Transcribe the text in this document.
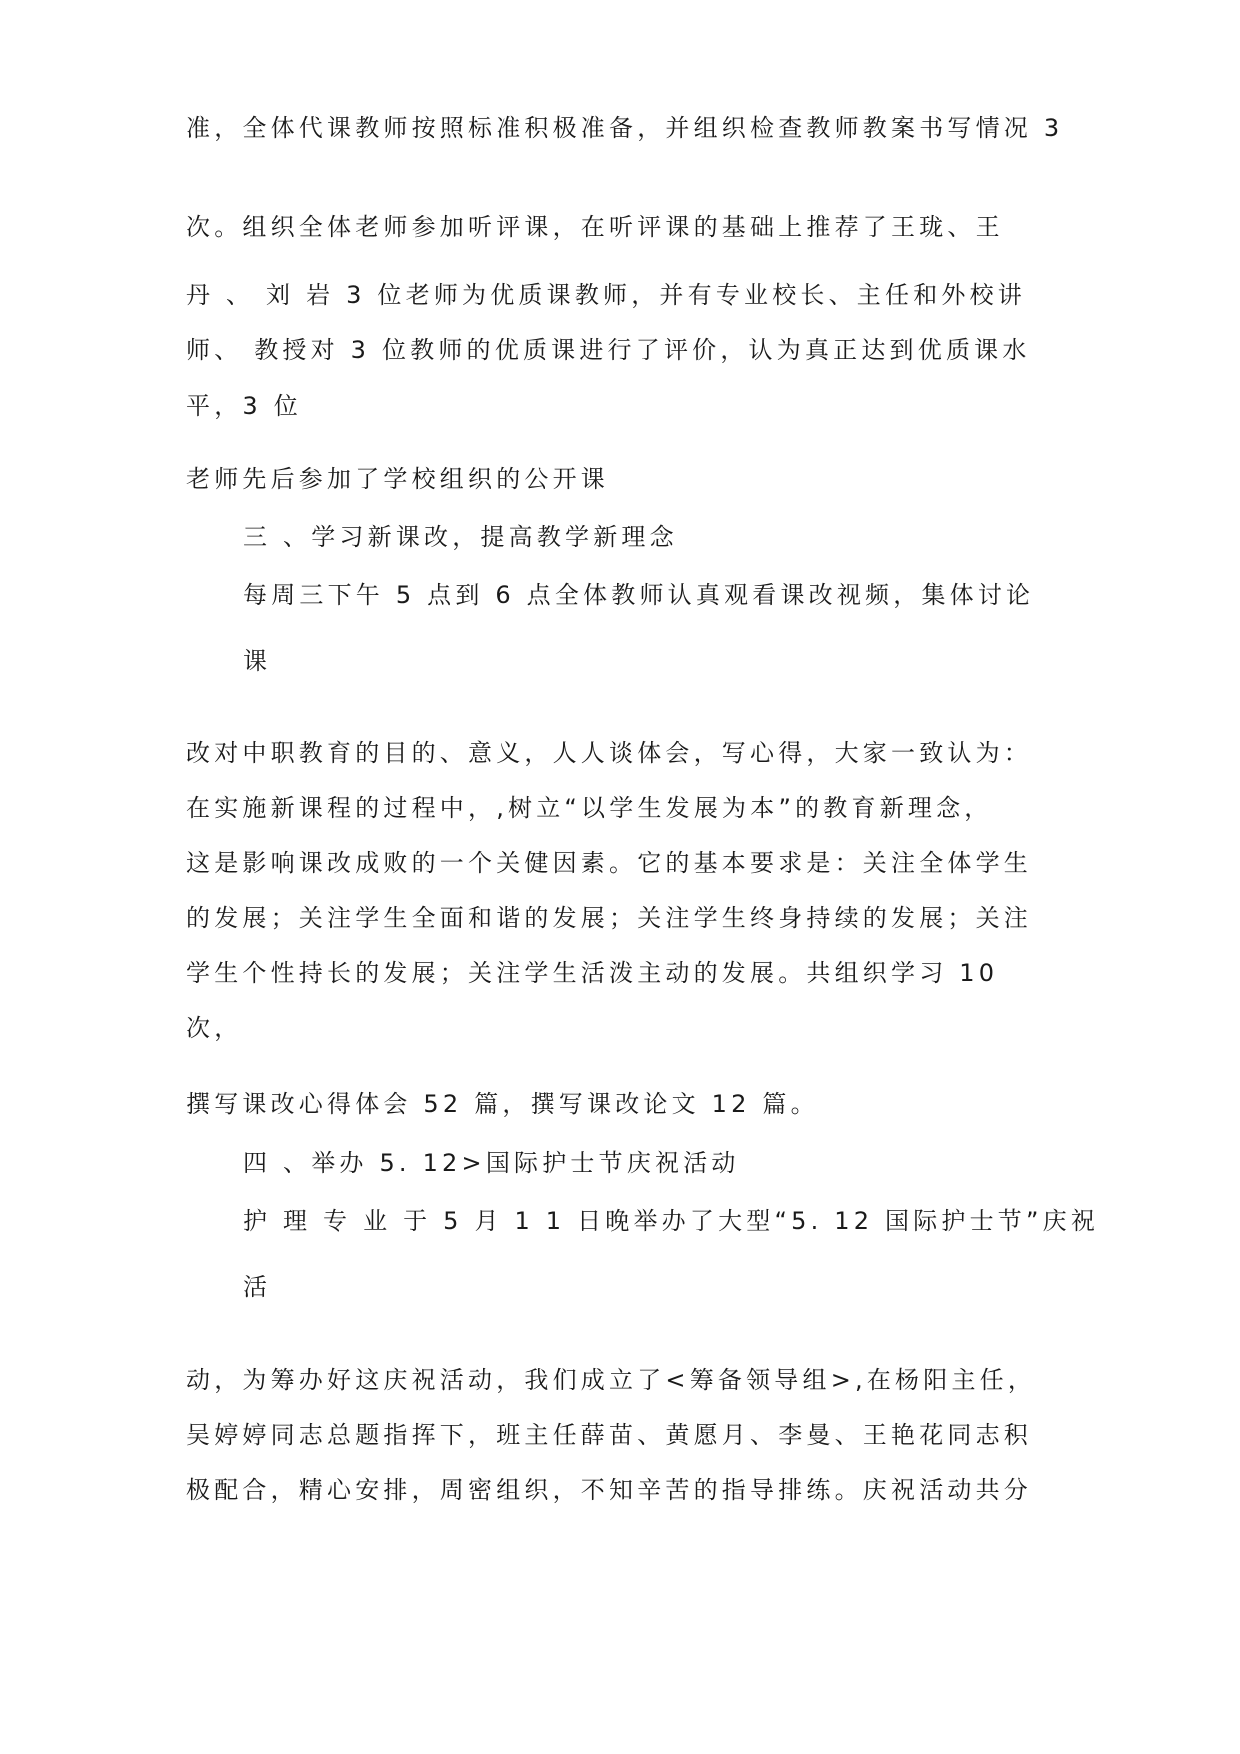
准，全体代课教师按照标准积极准备，并组织检查教师教案书写情况 3
次。组织全体老师参加听评课，在听评课的基础上推荐了王珑、王
丹 、 刘 岩 3 位老师为优质课教师，并有专业校长、主任和外校讲
师、 教授对 3 位教师的优质课进行了评价，认为真正达到优质课水
平，3 位
老师先后参加了学校组织的公开课
三 、学习新课改，提高教学新理念
每周三下午 5 点到 6 点全体教师认真观看课改视频，集体讨论
课
改对中职教育的目的、意义，人人谈体会，写心得，大家一致认为：
在实施新课程的过程中，,树立“以学生发展为本”的教育新理念，
这是影响课改成败的一个关健因素。它的基本要求是：关注全体学生
的发展；关注学生全面和谐的发展；关注学生终身持续的发展；关注
学生个性持长的发展；关注学生活泼主动的发展。共组织学习 10
次，
撰写课改心得体会 52 篇，撰写课改论文 12 篇。
四 、举办 5. 12>国际护士节庆祝活动
护 理 专 业 于 5 月 1 1 日晚举办了大型“5. 12 国际护士节”庆祝
活
动，为筹办好这庆祝活动，我们成立了<筹备领导组>,在杨阳主任，
吴婷婷同志总题指挥下，班主任薛苗、黄愿月、李曼、王艳花同志积
极配合，精心安排，周密组织，不知辛苦的指导排练。庆祝活动共分
